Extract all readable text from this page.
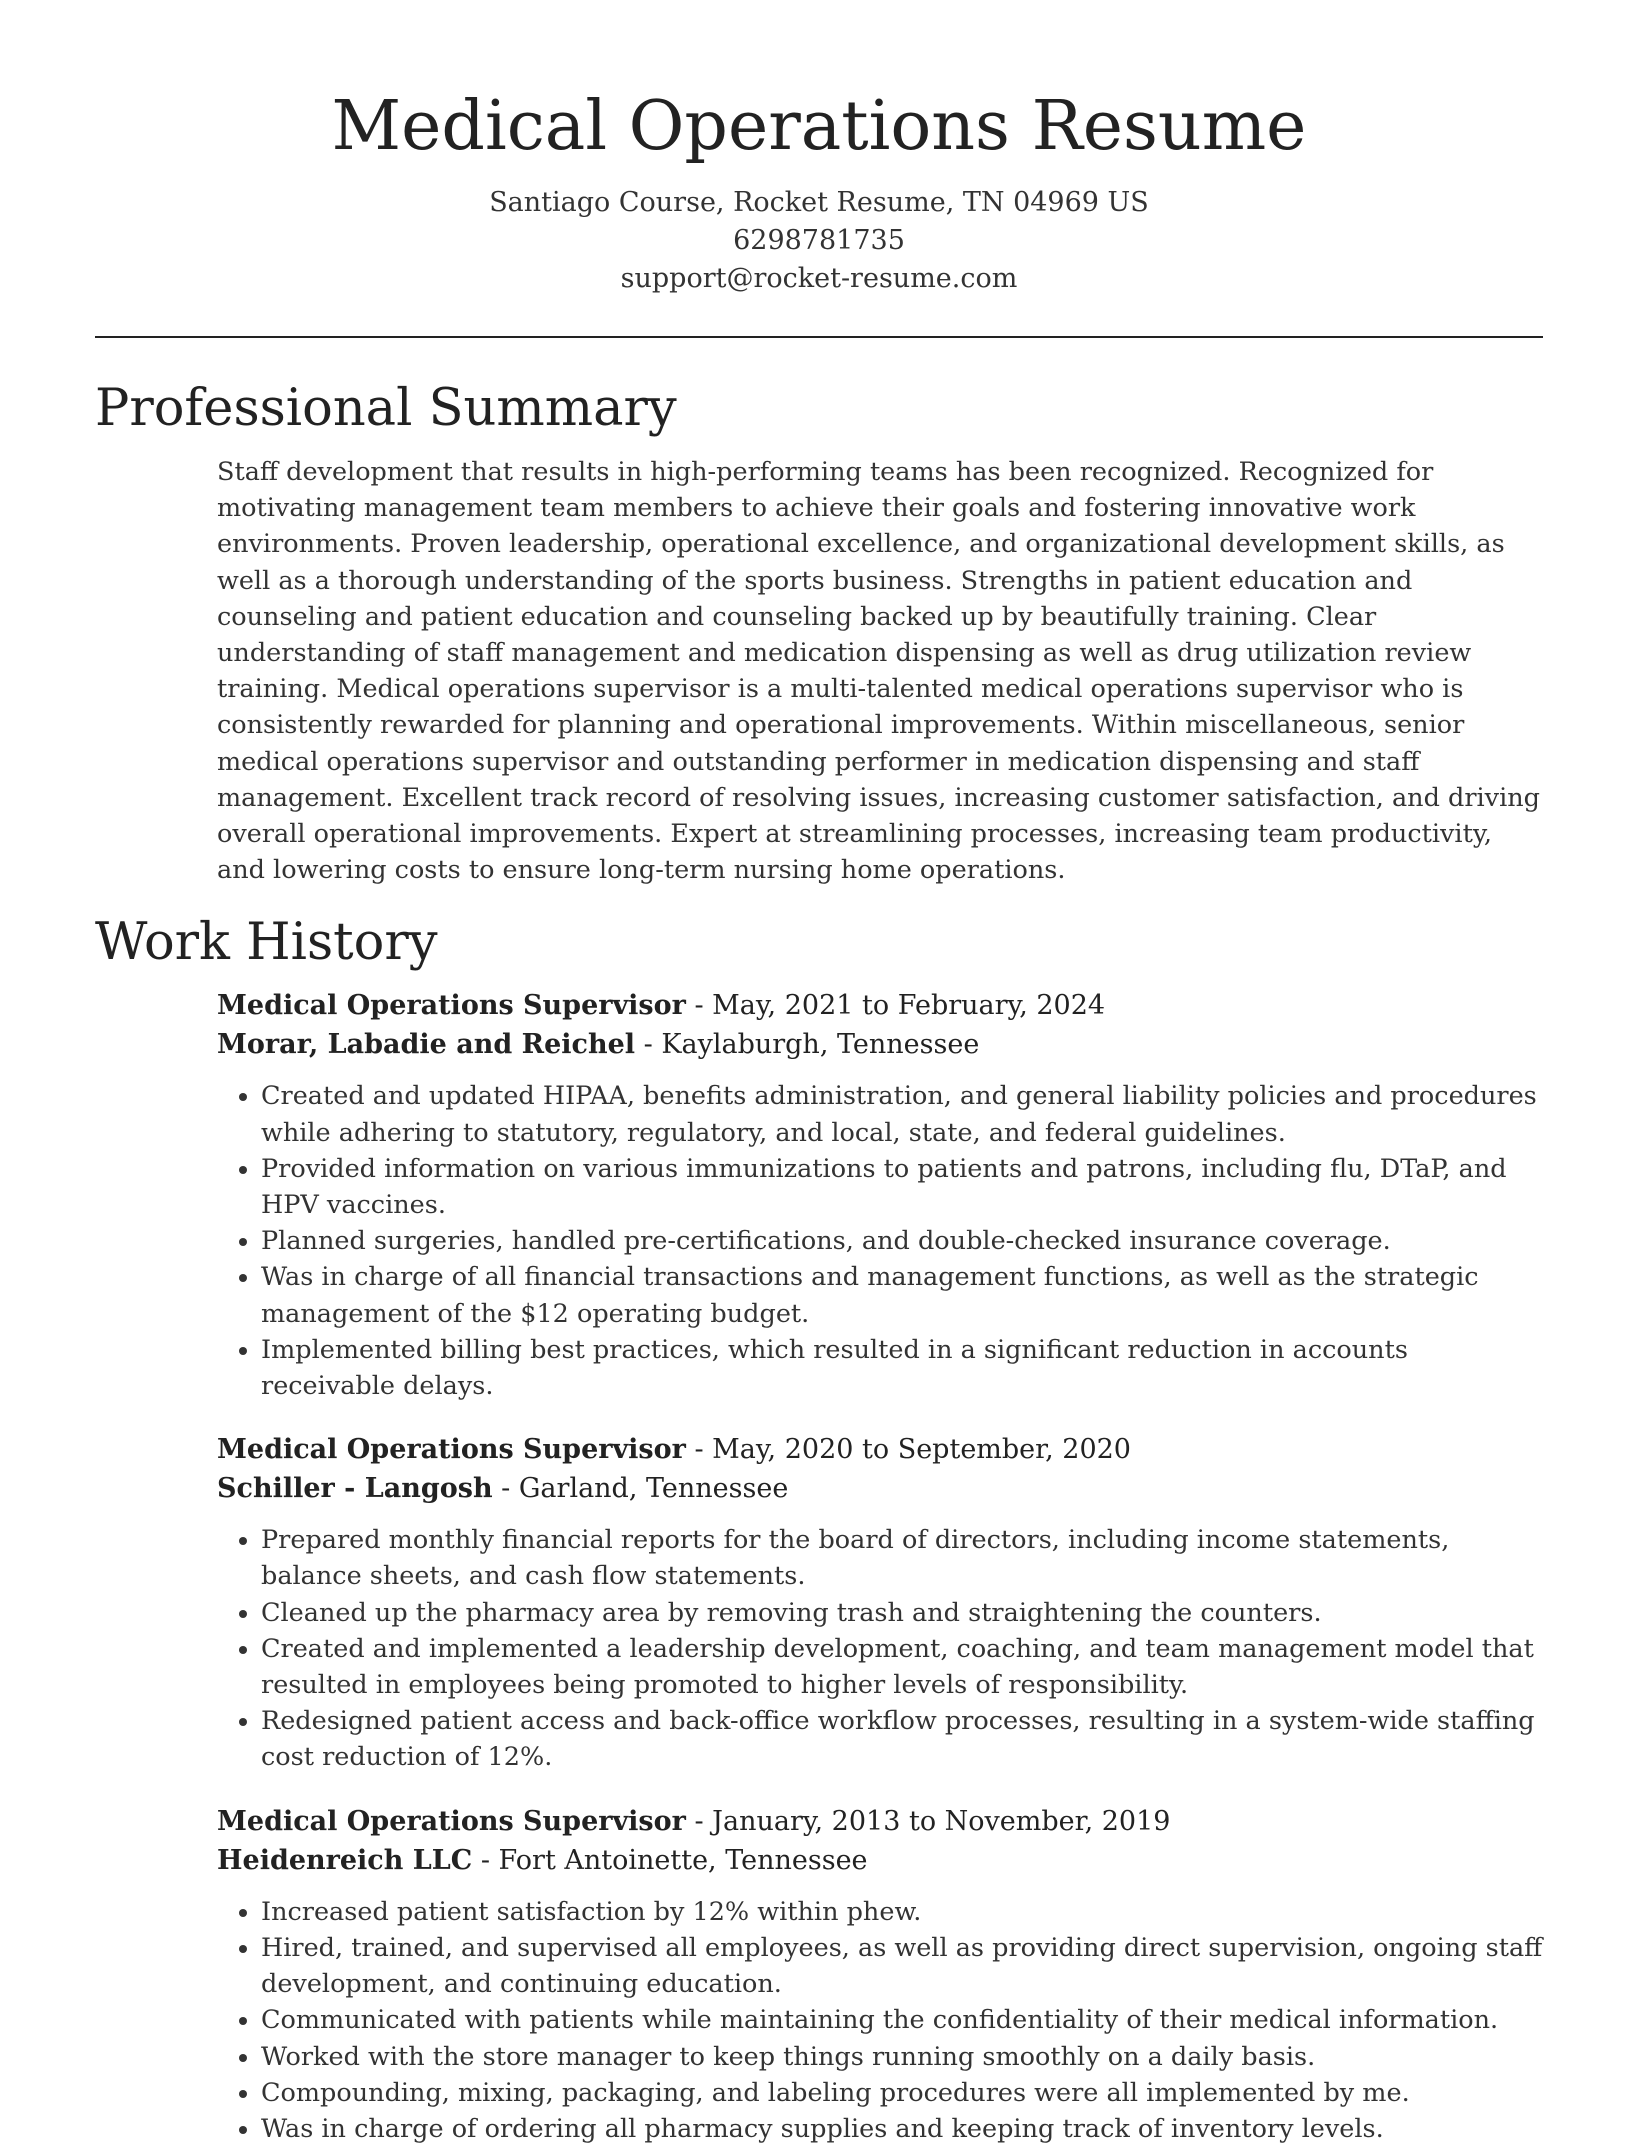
Medical Operations Resume
Santiago Course, Rocket Resume, TN 04969 US
6298781735
support@rocket-resume.com
Professional Summary

Staff development that results in high-performing teams has been recognized. Recognized for motivating management team members to achieve their goals and fostering innovative work environments. Proven leadership, operational excellence, and organizational development skills, as well as a thorough understanding of the sports business. Strengths in patient education and counseling and patient education and counseling backed up by beautifully training. Clear understanding of staff management and medication dispensing as well as drug utilization review training. Medical operations supervisor is a multi-talented medical operations supervisor who is consistently rewarded for planning and operational improvements. Within miscellaneous, senior medical operations supervisor and outstanding performer in medication dispensing and staff management. Excellent track record of resolving issues, increasing customer satisfaction, and driving overall operational improvements. Expert at streamlining processes, increasing team productivity, and lowering costs to ensure long-term nursing home operations.

Work History
Medical Operations Supervisor - May, 2021 to February, 2024
Morar, Labadie and Reichel - Kaylaburgh, Tennessee
• Created and updated HIPAA, benefits administration, and general liability policies and procedures while adhering to statutory, regulatory, and local, state, and federal guidelines.
• Provided information on various immunizations to patients and patrons, including flu, DTaP, and HPV vaccines.
• Planned surgeries, handled pre-certifications, and double-checked insurance coverage.
• Was in charge of all financial transactions and management functions, as well as the strategic management of the $12 operating budget.
• Implemented billing best practices, which resulted in a significant reduction in accounts receivable delays.
Medical Operations Supervisor - May, 2020 to September, 2020
Schiller - Langosh - Garland, Tennessee
• Prepared monthly financial reports for the board of directors, including income statements, balance sheets, and cash flow statements.
• Cleaned up the pharmacy area by removing trash and straightening the counters.
• Created and implemented a leadership development, coaching, and team management model that resulted in employees being promoted to higher levels of responsibility.
• Redesigned patient access and back-office workflow processes, resulting in a system-wide staffing cost reduction of 12%.
Medical Operations Supervisor - January, 2013 to November, 2019
Heidenreich LLC - Fort Antoinette, Tennessee
• Increased patient satisfaction by 12% within phew.
• Hired, trained, and supervised all employees, as well as providing direct supervision, ongoing staff development, and continuing education.
• Communicated with patients while maintaining the confidentiality of their medical information.
• Worked with the store manager to keep things running smoothly on a daily basis.
• Compounding, mixing, packaging, and labeling procedures were all implemented by me.
• Was in charge of ordering all pharmacy supplies and keeping track of inventory levels.
